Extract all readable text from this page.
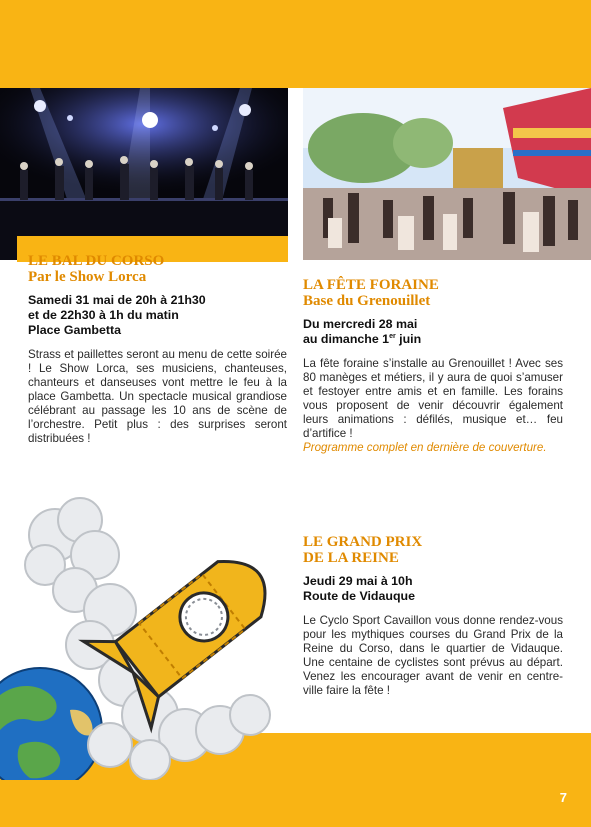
LE BAL DU CORSO

Par le Show Lorca

Samedi 31 mai de 20h à 21h30
et de 22h30 à 1h du matin
Place Gambetta

Strass et paillettes seront au menu de cette soirée ! Le Show Lorca, ses musiciens, chanteuses, chanteurs et danseuses vont mettre le feu à la place Gambetta. Un spectacle musical grandiose célébrant au passage les 10 ans de scène de l’orchestre. Petit plus : des surprises seront distribuées !

LA FÊTE FORAINE

Base du Grenouillet

Du mercredi 28 mai
au dimanche 1er juin

La fête foraine s’installe au Grenouillet ! Avec ses 80 manèges et métiers, il y aura de quoi s’amuser et festoyer entre amis et en famille. Les forains vous proposent de venir découvrir également leurs animations : défilés, musique et… feu d’artifice !
Programme complet en dernière de couverture.

LE GRAND PRIX

DE LA REINE

Jeudi 29 mai à 10h
Route de Vidauque

Le Cyclo Sport Cavaillon vous donne rendez-vous pour les mythiques courses du Grand Prix de la Reine du Corso, dans le quartier de Vidauque. Une centaine de cyclistes sont prévus au départ. Venez les encourager avant de venir en centre-ville faire la fête !

7
